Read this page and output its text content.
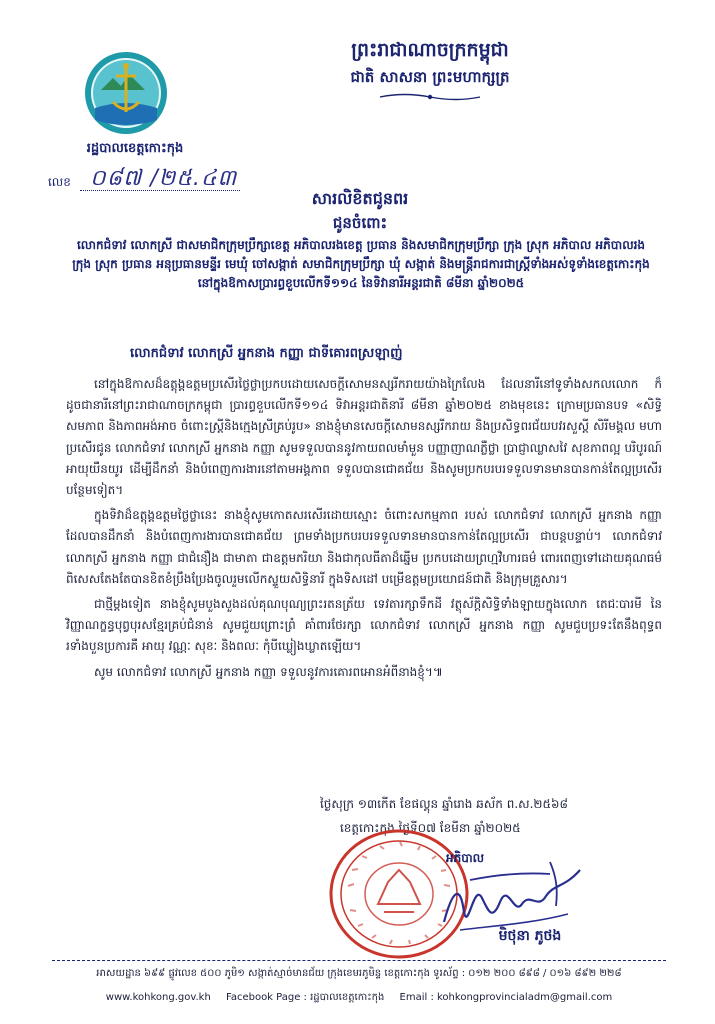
ព្រះរាជាណាចក្រកម្ពុជា
ជាតិ សាសនា ព្រះមហាក្សត្រ
រដ្ឋបាលខេត្តកោះកុង
លេខ ០៨៧ /២៥.៤៣
សារលិខិតជូនពរ
ជូនចំពោះ
លោកជំទាវ លោកស្រី ជាសមាជិកក្រុមប្រឹក្សាខេត្ត អភិបាលរងខេត្ត ប្រធាន និងសមាជិកក្រុមប្រឹក្សា ក្រុង ស្រុក អភិបាល អភិបាលរង ក្រុង ស្រុក ប្រធាន អនុប្រធានមន្ទីរ មេឃុំ ចៅសង្កាត់ សមាជិកក្រុមប្រឹក្សា ឃុំ សង្កាត់ និងមន្ត្រីរាជការជាស្ត្រីទាំងអស់ទូទាំងខេត្តកោះកុង នៅក្នុងឱកាសប្រារព្ធខួបលើកទី១១៤ នៃទិវានារីអន្តរជាតិ ៨មីនា ឆ្នាំ២០២៥
លោកជំទាវ លោកស្រី អ្នកនាង កញ្ញា ជាទីគោរពស្រឡាញ់

នៅក្នុងឱកាសដ៏ឧត្តុង្គឧត្តមប្រសើរថ្លៃថ្លាប្រកបដោយសេចក្តីសោមនស្សរីករាយយ៉ាងក្រៃលែង ដែលនារីនៅទូទាំងសកលលោក ក៏ដូចជានារីនៅព្រះរាជាណាចក្រកម្ពុជា ប្រារព្ធខួបលើកទី១១៤ ទិវាអន្តរជាតិនារី ៨មីនា ឆ្នាំ២០២៥ ខាងមុខនេះ ក្រោមប្រធានបទ «សិទ្ធិ សមភាព និងភាពអង់អាច ចំពោះស្ត្រីនិងក្មេងស្រីគ្រប់រូប» នាងខ្ញុំមានសេចក្តីសោមនស្សរីករាយ និងប្រសិទ្ធពរជ័យបវរសួស្តី សិរីមង្គល មហាប្រសើរជូន លោកជំទាវ លោកស្រី អ្នកនាង កញ្ញា សូមទទួលបាននូវកាយពលមាំមួន បញ្ញាញាណភ្លឺថ្លា ប្រាជ្ញាឈ្លាសវៃ សុខភាពល្អ បរិបូរណ៍ អាយុយឺនយូរ ដើម្បីដឹកនាំ និងបំពេញការងារនៅតាមអង្គភាព ទទួលបានជោគជ័យ និងសូមប្រកបរបរទទួលទានមានបានកាន់តែល្អប្រសើរ បន្ថែមទៀត។

ក្នុងទិវាដ៏ឧត្តុង្គឧត្តមថ្លៃថ្លានេះ នាងខ្ញុំសូមកោតសរសើរដោយស្មោះ ចំពោះសកម្មភាព របស់ លោកជំទាវ លោកស្រី អ្នកនាង កញ្ញា ដែលបានដឹកនាំ និងបំពេញការងារបានជោគជ័យ ព្រមទាំងប្រកបរបរទទួលទានមានបានកាន់តែល្អប្រសើរ ជាបន្តបន្ទាប់។ លោកជំទាវ លោកស្រី អ្នកនាង កញ្ញា ជាជំនឿង ជាមាតា ជាឧត្តមភរិយា និងជាកុលធីតាដ៏ឆ្នើម ប្រកបដោយព្រហ្មវិហារធម៌ ពោរពេញទៅដោយគុណធម៌ ពិសេសតែងតែបានខិតខំប្រឹងប្រែងចូលរួមលើកស្ទួយសិទ្ធិនារី ក្នុងទិសដៅ បម្រើឧត្តមប្រយោជន៍ជាតិ និងក្រុមគ្រួសារ។

ជាថ្មីម្តងទៀត នាងខ្ញុំសូមបួងសួងដល់គុណបុណ្យព្រះរតនត្រ័យ ទេវតារក្សាទឹកដី វត្ថុស័ក្តិសិទ្ធិទាំងឡាយក្នុងលោក តេជៈបារមី នៃវិញ្ញាណក្ខន្ធបុព្វបុរសខ្មែរគ្រប់ជំនាន់ សូមជួយព្រោះព្រំ គាំពារថែរក្សា លោកជំទាវ លោកស្រី អ្នកនាង កញ្ញា សូមជួបប្រទះតែនឹងពុទ្ធពរទាំងបួនប្រការគឺ អាយុ វណ្ណៈ សុខៈ និងពលៈ កុំបីឃ្លៀងឃ្លាតឡើយ។

សូម លោកជំទាវ លោកស្រី អ្នកនាង កញ្ញា ទទួលនូវការគោរពអោនអំពីនាងខ្ញុំ។៕

ថ្ងៃសុក្រ ១៣កើត ខែផល្គុន ឆ្នាំរោង ឆស័ក ព.ស.២៥៦៨
ខេត្តកោះកុង ថ្ងៃទី០៧ ខែមីនា ឆ្នាំ២០២៥
អភិបាល
មិថុនា ភូថង
អាសយដ្ឋាន ៦៩៩ ផ្លូវលេខ ៥០០ ភូមិ១ សង្កាត់ស្មាច់មានជ័យ ក្រុងខេមរភូមិន្ទ ខេត្តកោះកុង ទូរស័ព្ទ : ០១២ ២០០ ៨៩៨ / ០១៦ ៨៩២ ២២៨
www.kohkong.gov.kh Facebook Page : រដ្ឋបាលខេត្តកោះកុង Email : kohkongprovincialadm@gmail.com
